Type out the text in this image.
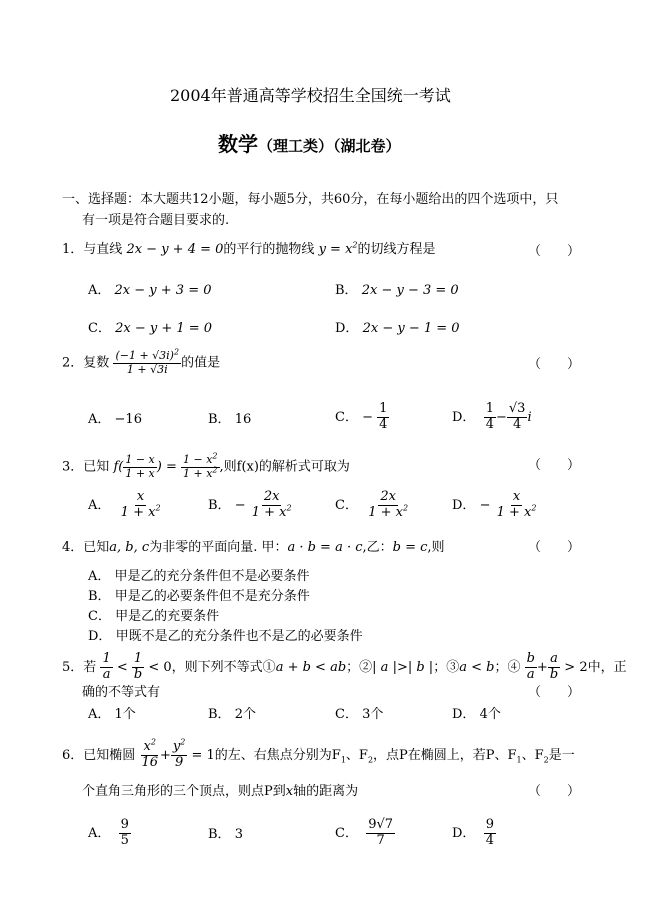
2004年普通高等学校招生全国统一考试
数学（理工类）（湖北卷）
一、选择题：本大题共12小题，每小题5分，共60分，在每小题给出的四个选项中，只
有一项是符合题目要求的.
1．与直线 2x − y + 4 = 0的平行的抛物线 $y = x^2$的切线方程是	（　　）
A． 2x − y + 3 = 0	B． 2x − y − 3 = 0
C． 2x − y + 1 = 0	D． 2x − y − 1 = 0
2．复数 $\frac{(-1 + √3i)^2}{1 + √3i}$ 的值是	（　　）
A． −16	B． 16	C． − $\frac{1}{4}$	D． $\frac{1}{4} - \frac{√3}{4}$ i
3．已知 $f( \frac{1 - x}{1 + x}$ ) = $\frac{1 - x^2}{1 + x^2}$ ,则f(x)的解析式可取为	（　　）
A． $\frac{x}{1 + x^2}$	B． − $\frac{2x}{1 + x^2}$	C． $\frac{2x}{1 + x^2}$	D． − $\frac{x}{1 + x^2}$
4．已知a, b, c为非零的平面向量. 甲：a · b = a · c,乙：b = c,则	（　　）
A． 甲是乙的充分条件但不是必要条件
B． 甲是乙的必要条件但不是充分条件
C． 甲是乙的充要条件
D． 甲既不是乙的充分条件也不是乙的必要条件
5．若 $\frac{1}{a} < \frac{1}{b} < 0$，则下列不等式①a + b < ab；②| a |>| b |；③a < b；④ $\frac{b}{a} + \frac{a}{b} > 2$中，正
确的不等式有	（　　）
A． 1个	B． 2个	C． 3个	D． 4个
6．已知椭圆 $\frac{x^2}{16} + \frac{y^2}{9} = 1$的左、右焦点分别为$F_1$、$F_2$，点P在椭圆上，若P、$F_1$、$F_2$是一
个直角三角形的三个顶点，则点P到x轴的距离为	（　　）
A． $\frac{9}{5}$	B． 3	C． $\frac{9√7}{7}$	D． $\frac{9}{4}$
